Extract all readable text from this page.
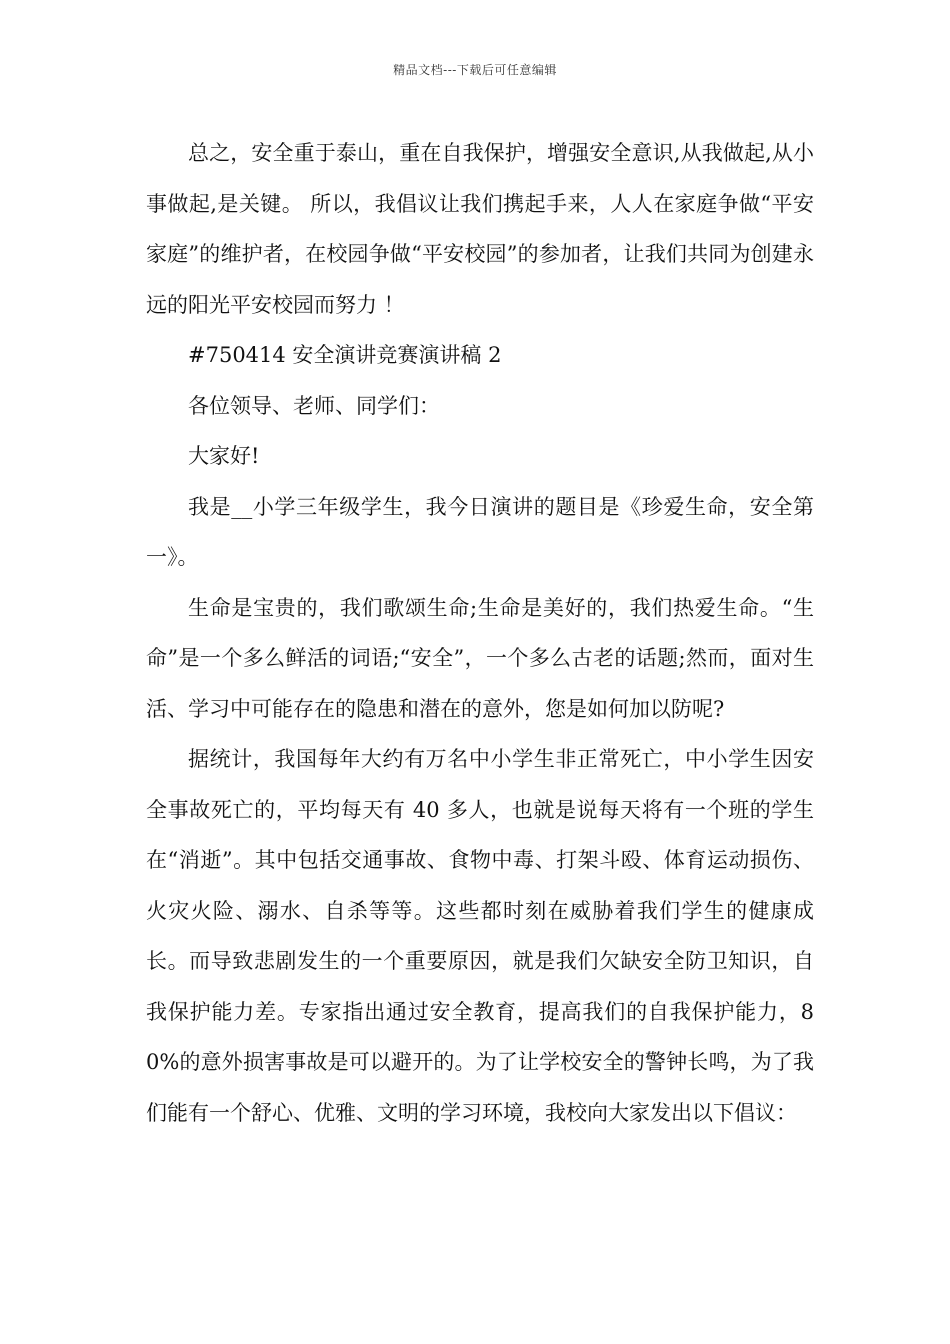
精品文档---下载后可任意编辑

总之，安全重于泰山，重在自我保护，增强安全意识,从我做起,从小事做起,是关键。 所以，我倡议让我们携起手来，人人在家庭争做“平安家庭”的维护者，在校园争做“平安校园”的参加者，让我们共同为创建永远的阳光平安校园而努力 ！

#750414 安全演讲竞赛演讲稿 2

各位领导、老师、同学们：

大家好!

我是__小学三年级学生，我今日演讲的题目是《珍爱生命，安全第一》。

生命是宝贵的，我们歌颂生命;生命是美好的，我们热爱生命。“生命”是一个多么鲜活的词语;“安全”，一个多么古老的话题;然而，面对生活、学习中可能存在的隐患和潜在的意外，您是如何加以防呢?

据统计，我国每年大约有万名中小学生非正常死亡，中小学生因安全事故死亡的，平均每天有 40 多人，也就是说每天将有一个班的学生在“消逝”。其中包括交通事故、食物中毒、打架斗殴、体育运动损伤、火灾火险、溺水、自杀等等。这些都时刻在威胁着我们学生的健康成长。而导致悲剧发生的一个重要原因，就是我们欠缺安全防卫知识，自我保护能力差。专家指出通过安全教育，提高我们的自我保护能力，80%的意外损害事故是可以避开的。为了让学校安全的警钟长鸣，为了我们能有一个舒心、优雅、文明的学习环境，我校向大家发出以下倡议：
